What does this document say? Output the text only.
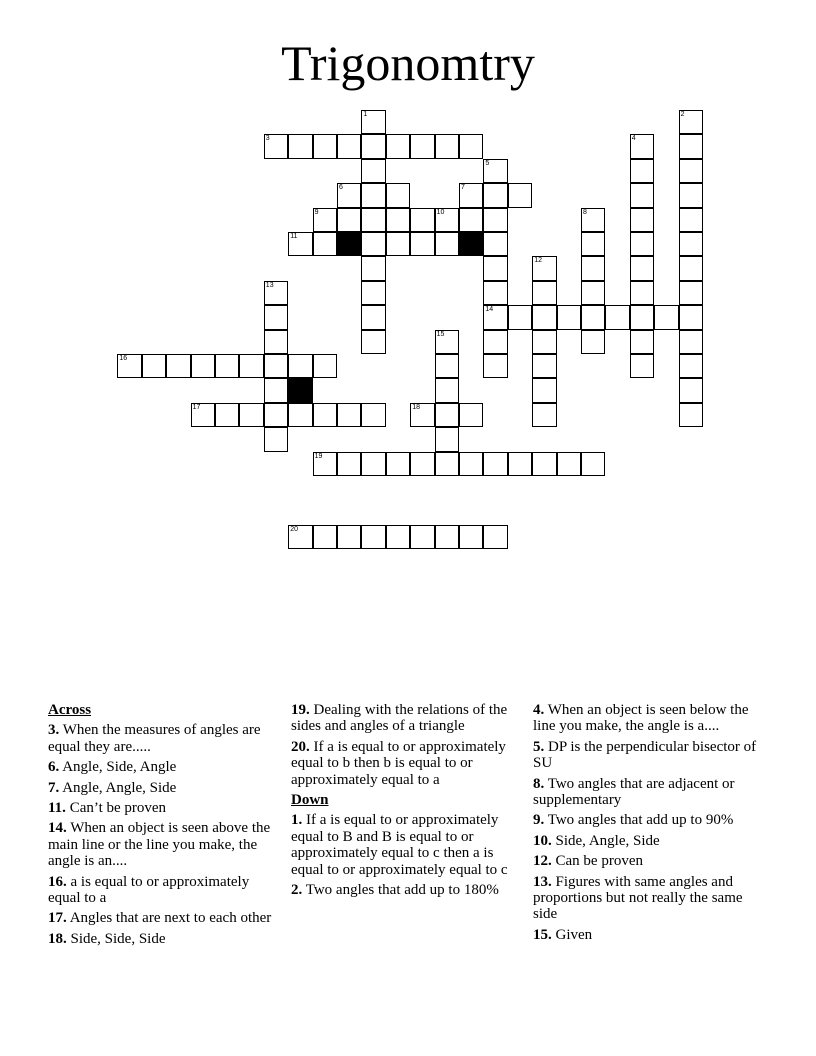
Trigonomtry
3
6	7
9	10
11
14
16
17	18
19
20
1	2
4
5
8
12
13
15
Across
3. When the measures of angles are equal they are.....
6. Angle, Side, Angle
7. Angle, Angle, Side
11. Can’t be proven
14. When an object is seen above the main line or the line you make, the angle is an....
16. a is equal to or approximately equal to a
17. Angles that are next to each other
18. Side, Side, Side
19. Dealing with the relations of the sides and angles of a triangle
20. If a is equal to or approximately equal to b then b is equal to or approximately equal to a
Down
1. If a is equal to or approximately equal to B and B is equal to or approximately equal to c then a is equal to or approximately equal to c
2. Two angles that add up to 180%
4. When an object is seen below the line you make, the angle is a....
5. DP is the perpendicular bisector of SU
8. Two angles that are adjacent or supplementary
9. Two angles that add up to 90%
10. Side, Angle, Side
12. Can be proven
13. Figures with same angles and proportions but not really the same side
15. Given
